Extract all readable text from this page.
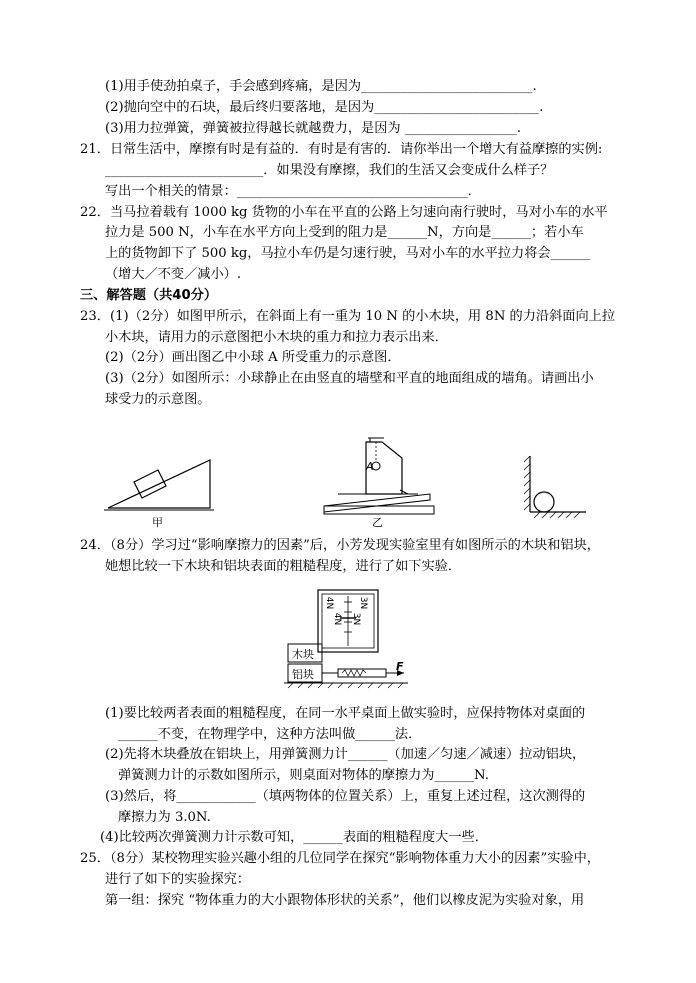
(1)用手使劲拍桌子，手会感到疼痛，是因为__________________________.
(2)抛向空中的石块，最后终归要落地，是因为_________________________.
(3)用力拉弹簧，弹簧被拉得越长就越费力，是因为 _________________.
21．日常生活中，摩擦有时是有益的．有时是有害的．请你举出一个增大有益摩擦的实例:
________________________．如果没有摩擦，我们的生活又会变成什么样子？
写出一个相关的情景：___________________________________．
22．当马拉着载有 1000 kg 货物的小车在平直的公路上匀速向南行驶时，马对小车的水平
拉力是 500 N，小车在水平方向上受到的阻力是______N，方向是______；若小车
上的货物卸下了 500 kg，马拉小车仍是匀速行驶，马对小车的水平拉力将会______
（增大／不变／减小）.
三、解答题（共40分）
23．(1)（2分）如图甲所示，在斜面上有一重为 10 N 的小木块，用 8N 的力沿斜面向上拉
小木块，请用力的示意图把小木块的重力和拉力表示出来．
(2)（2分）画出图乙中小球 A 所受重力的示意图．
(3)（2分）如图所示：小球静止在由竖直的墙壁和平直的地面组成的墙角。请画出小
球受力的示意图。
甲
A
乙
24．（8分）学习过“影响摩擦力的因素”后，小芳发现实验室里有如图所示的木块和铝块，
她想比较一下木块和铝块表面的粗糙程度，进行了如下实验．
4N	3N
4N 3N
木块
铝块
F
(1)要比较两者表面的粗糙程度，在同一水平桌面上做实验时，应保持物体对桌面的
______不变，在物理学中，这种方法叫做______法．
(2)先将木块叠放在铝块上，用弹簧测力计______（加速／匀速／减速）拉动铝块，
弹簧测力计的示数如图所示，则桌面对物体的摩擦力为______N.
(3)然后，将____________（填两物体的位置关系）上，重复上述过程，这次测得的
摩擦力为 3.0N.
(4)比较两次弹簧测力计示数可知，______表面的粗糙程度大一些．
25．（8分）某校物理实验兴趣小组的几位同学在探究“影响物体重力大小的因素”实验中，
进行了如下的实验探究：
第一组：探究 “物体重力的大小跟物体形状的关系”，他们以橡皮泥为实验对象，用
